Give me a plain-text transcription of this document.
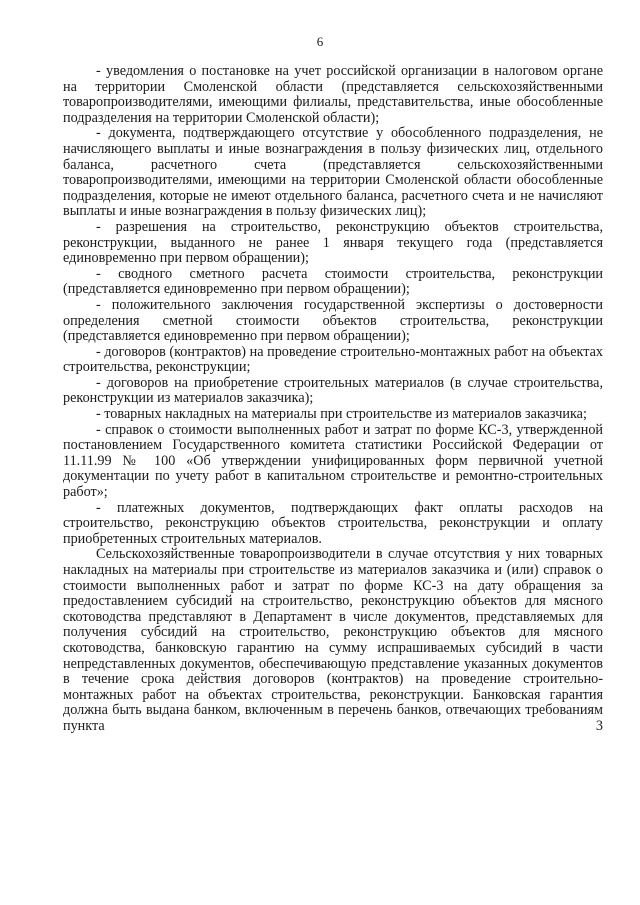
6

- уведомления о постановке на учет российской организации в налоговом органе на территории Смоленской области (представляется сельскохозяйственными товаропроизводителями, имеющими филиалы, представительства, иные обособленные подразделения на территории Смоленской области);

- документа, подтверждающего отсутствие у обособленного подразделения, не начисляющего выплаты и иные вознаграждения в пользу физических лиц, отдельного баланса, расчетного счета (представляется сельскохозяйственными товаропроизводителями, имеющими на территории Смоленской области обособленные подразделения, которые не имеют отдельного баланса, расчетного счета и не начисляют выплаты и иные вознаграждения в пользу физических лиц);

- разрешения на строительство, реконструкцию объектов строительства, реконструкции, выданного не ранее 1 января текущего года (представляется единовременно при первом обращении);

- сводного сметного расчета стоимости строительства, реконструкции (представляется единовременно при первом обращении);

- положительного заключения государственной экспертизы о достоверности определения сметной стоимости объектов строительства, реконструкции (представляется единовременно при первом обращении);

- договоров (контрактов) на проведение строительно-монтажных работ на объектах строительства, реконструкции;

- договоров на приобретение строительных материалов (в случае строительства, реконструкции из материалов заказчика);

- товарных накладных на материалы при строительстве из материалов заказчика;

- справок о стоимости выполненных работ и затрат по форме КС-3, утвержденной постановлением Государственного комитета статистики Российской Федерации от 11.11.99 № 100 «Об утверждении унифицированных форм первичной учетной документации по учету работ в капитальном строительстве и ремонтно-строительных работ»;

- платежных документов, подтверждающих факт оплаты расходов на строительство, реконструкцию объектов строительства, реконструкции и оплату приобретенных строительных материалов.

Сельскохозяйственные товаропроизводители в случае отсутствия у них товарных накладных на материалы при строительстве из материалов заказчика и (или) справок о стоимости выполненных работ и затрат по форме КС-3 на дату обращения за предоставлением субсидий на строительство, реконструкцию объектов для мясного скотоводства представляют в Департамент в числе документов, представляемых для получения субсидий на строительство, реконструкцию объектов для мясного скотоводства, банковскую гарантию на сумму испрашиваемых субсидий в части непредставленных документов, обеспечивающую представление указанных документов в течение срока действия договоров (контрактов) на проведение строительно-монтажных работ на объектах строительства, реконструкции. Банковская гарантия должна быть выдана банком, включенным в перечень банков, отвечающих требованиям пункта 3
